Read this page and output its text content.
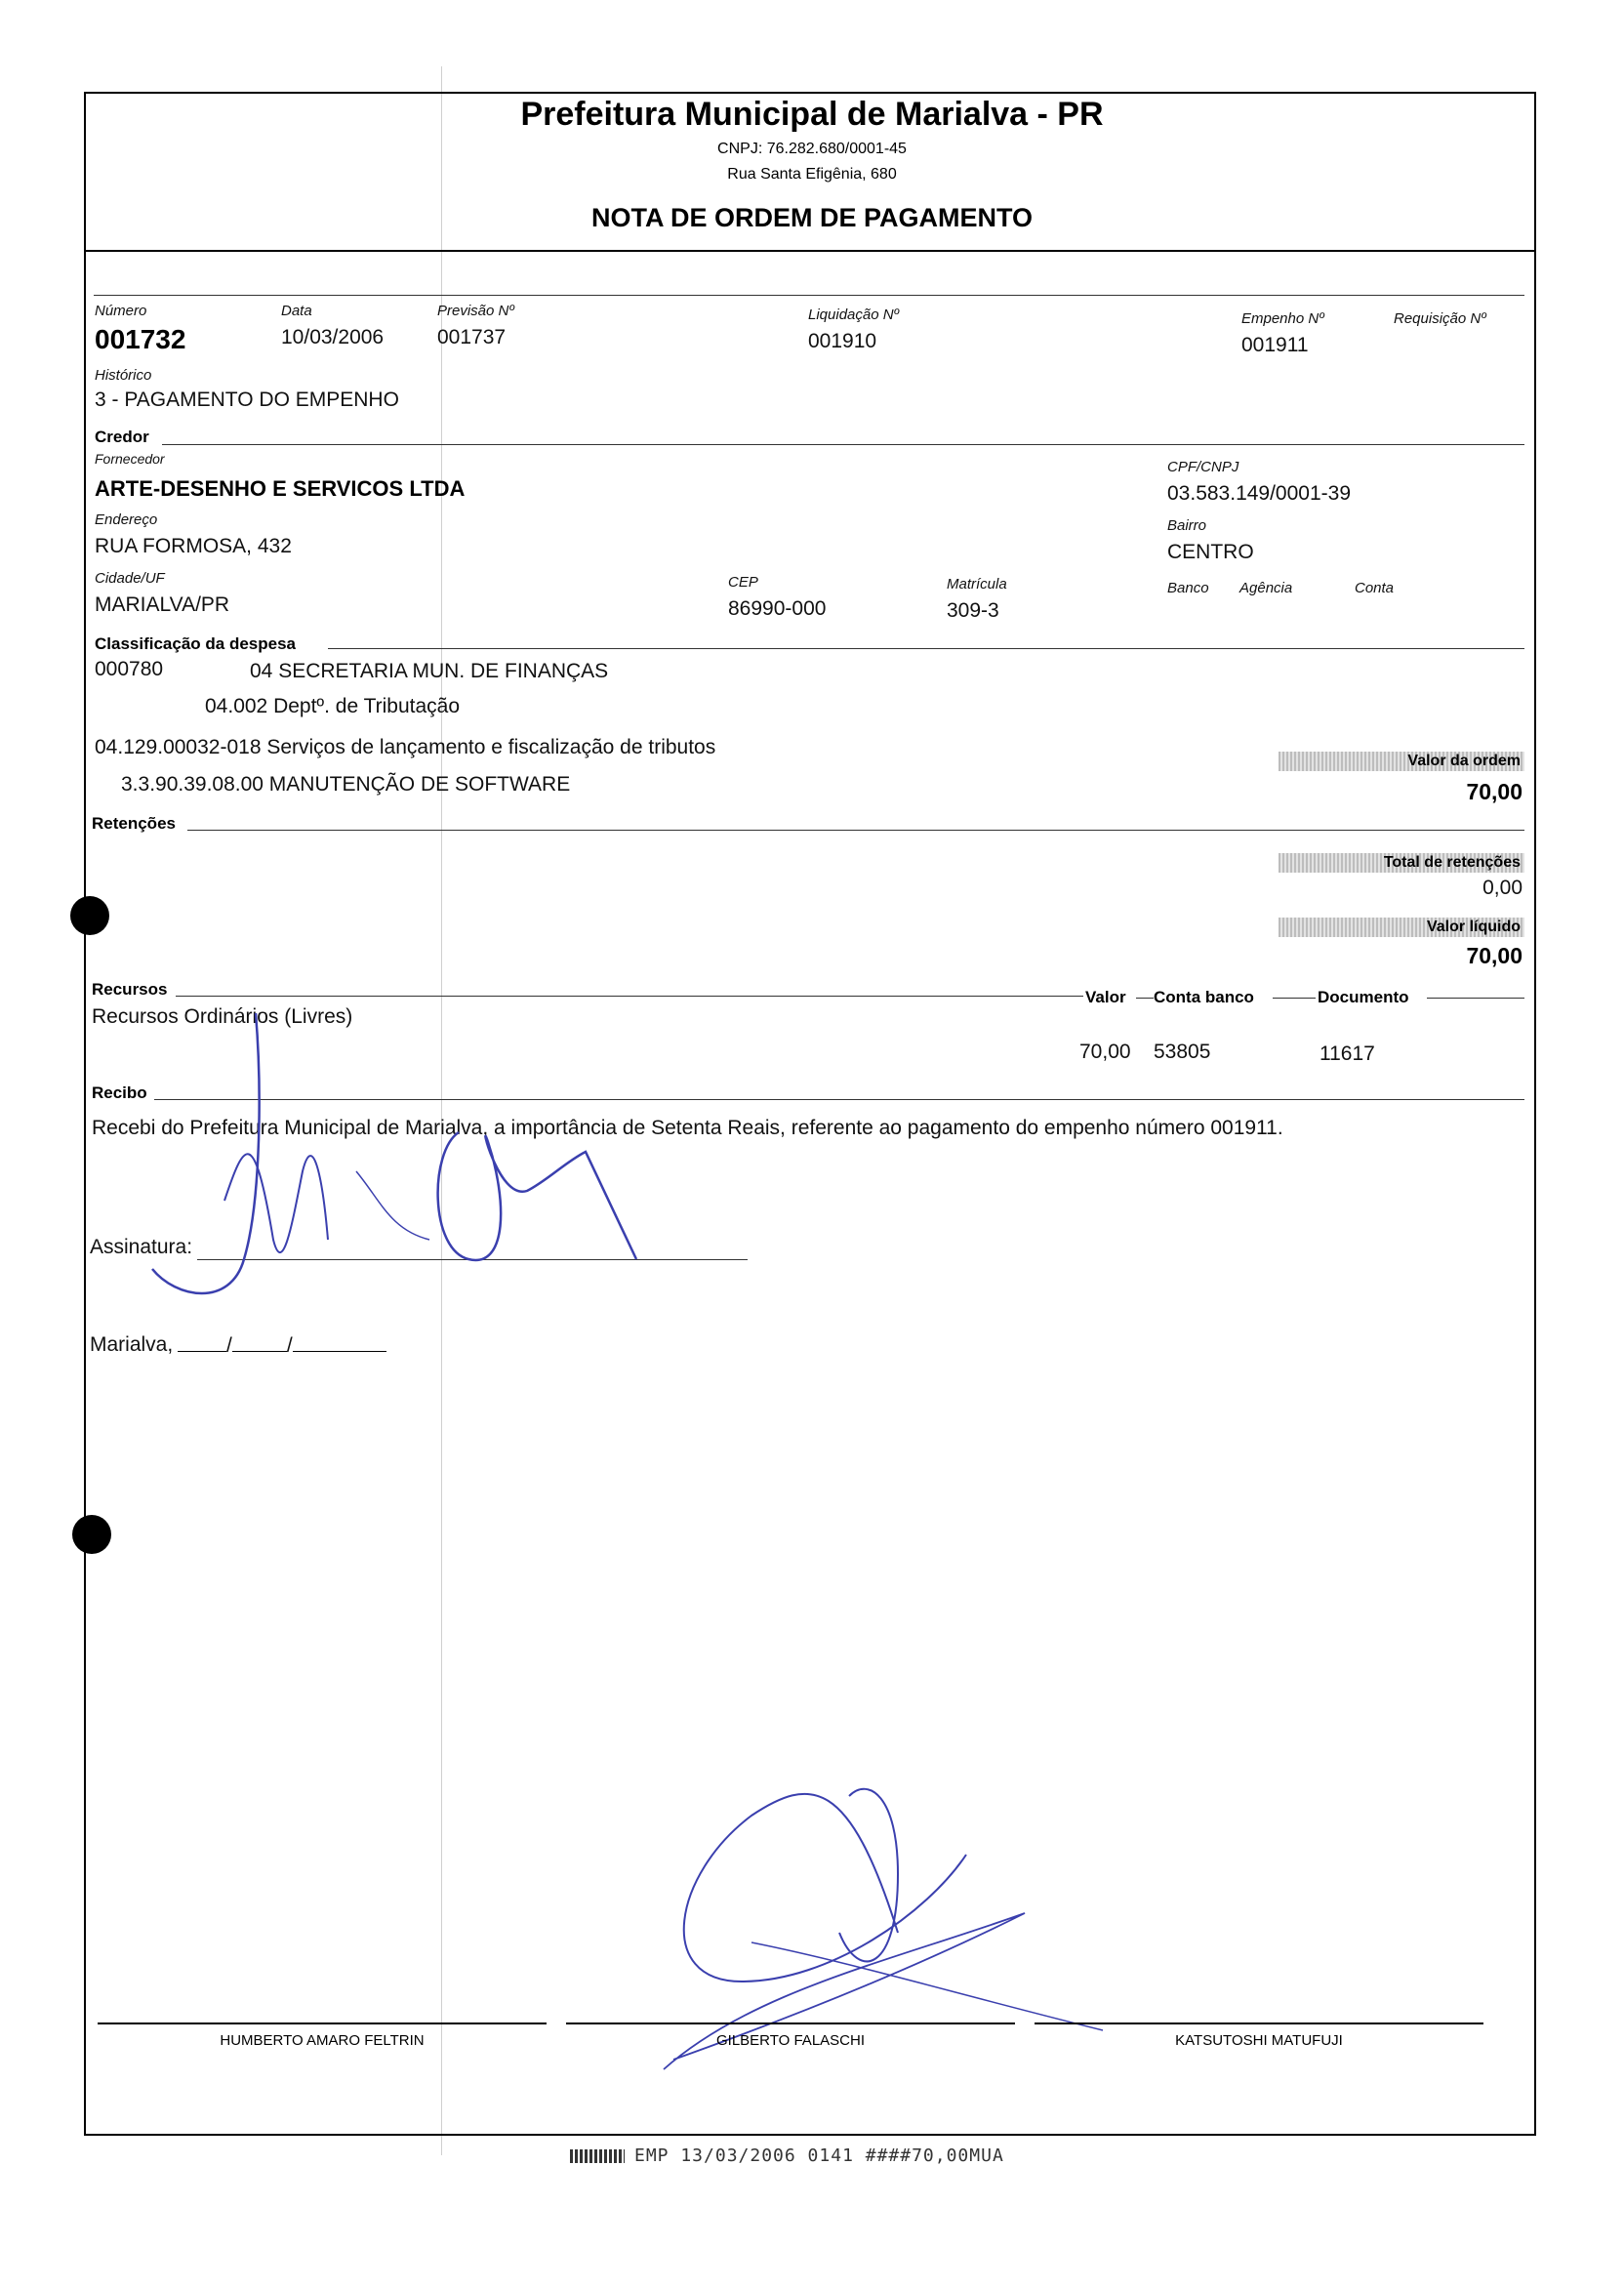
Prefeitura Municipal de Marialva - PR
CNPJ: 76.282.680/0001-45
Rua Santa Efigênia, 680
NOTA DE ORDEM DE PAGAMENTO
Número
001732
Data
10/03/2006
Previsão Nº
001737
Liquidação Nº
001910
Empenho Nº
001911
Requisição Nº
Histórico
3 - PAGAMENTO DO EMPENHO
Credor
Fornecedor
ARTE-DESENHO E SERVICOS LTDA
CPF/CNPJ
03.583.149/0001-39
Endereço
RUA FORMOSA, 432
Bairro
CENTRO
Cidade/UF
MARIALVA/PR
CEP
86990-000
Matrícula
309-3
Banco Agência	Conta
Classificação da despesa
000780	04 SECRETARIA MUN. DE FINANÇAS
04.002 Deptº. de Tributação
04.129.00032-018 Serviços de lançamento e fiscalização de tributos
3.3.90.39.08.00 MANUTENÇÃO DE SOFTWARE
Valor da ordem
70,00
Retenções
Total de retenções
0,00
Valor líquido
70,00
Recursos	Valor Conta banco	Documento
Recursos Ordinários (Livres)
70,00 53805	11617
Recibo
Recebi do Prefeitura Municipal de Marialva, a importância de Setenta Reais, referente ao pagamento do empenho número 001911.
Assinatura:
Marialva,	/	/
HUMBERTO AMARO FELTRIN	GILBERTO FALASCHI	KATSUTOSHI MATUFUJI
EMP 13/03/2006 0141 ####70,00MUA
